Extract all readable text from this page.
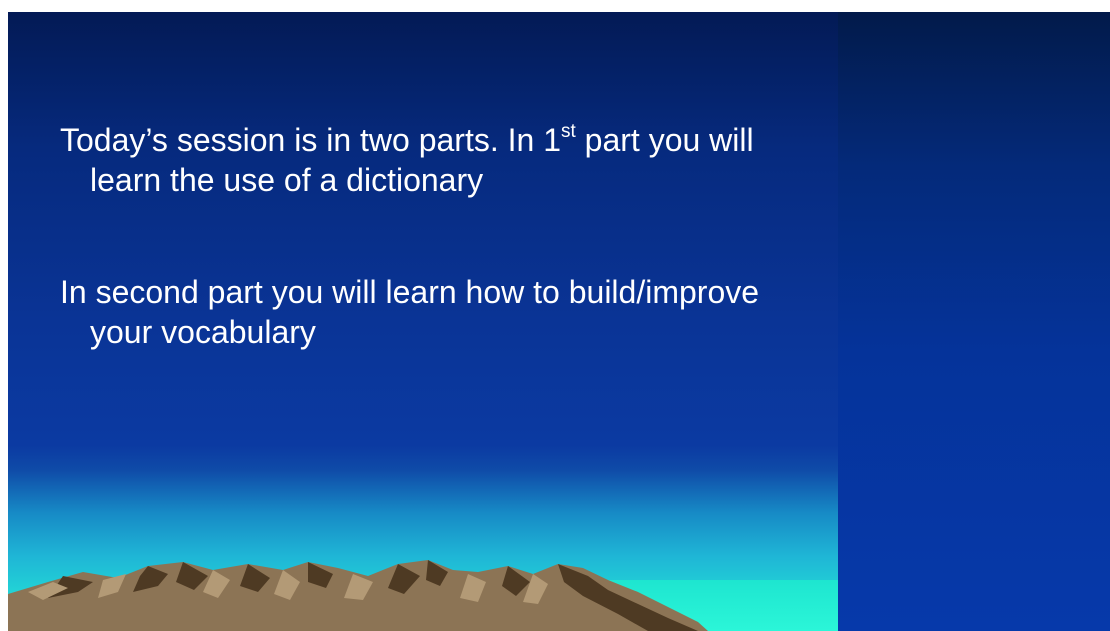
Today’s session is in two parts. In 1st part you will learn the use of a dictionary

In second part you will learn how to build/improve your vocabulary
